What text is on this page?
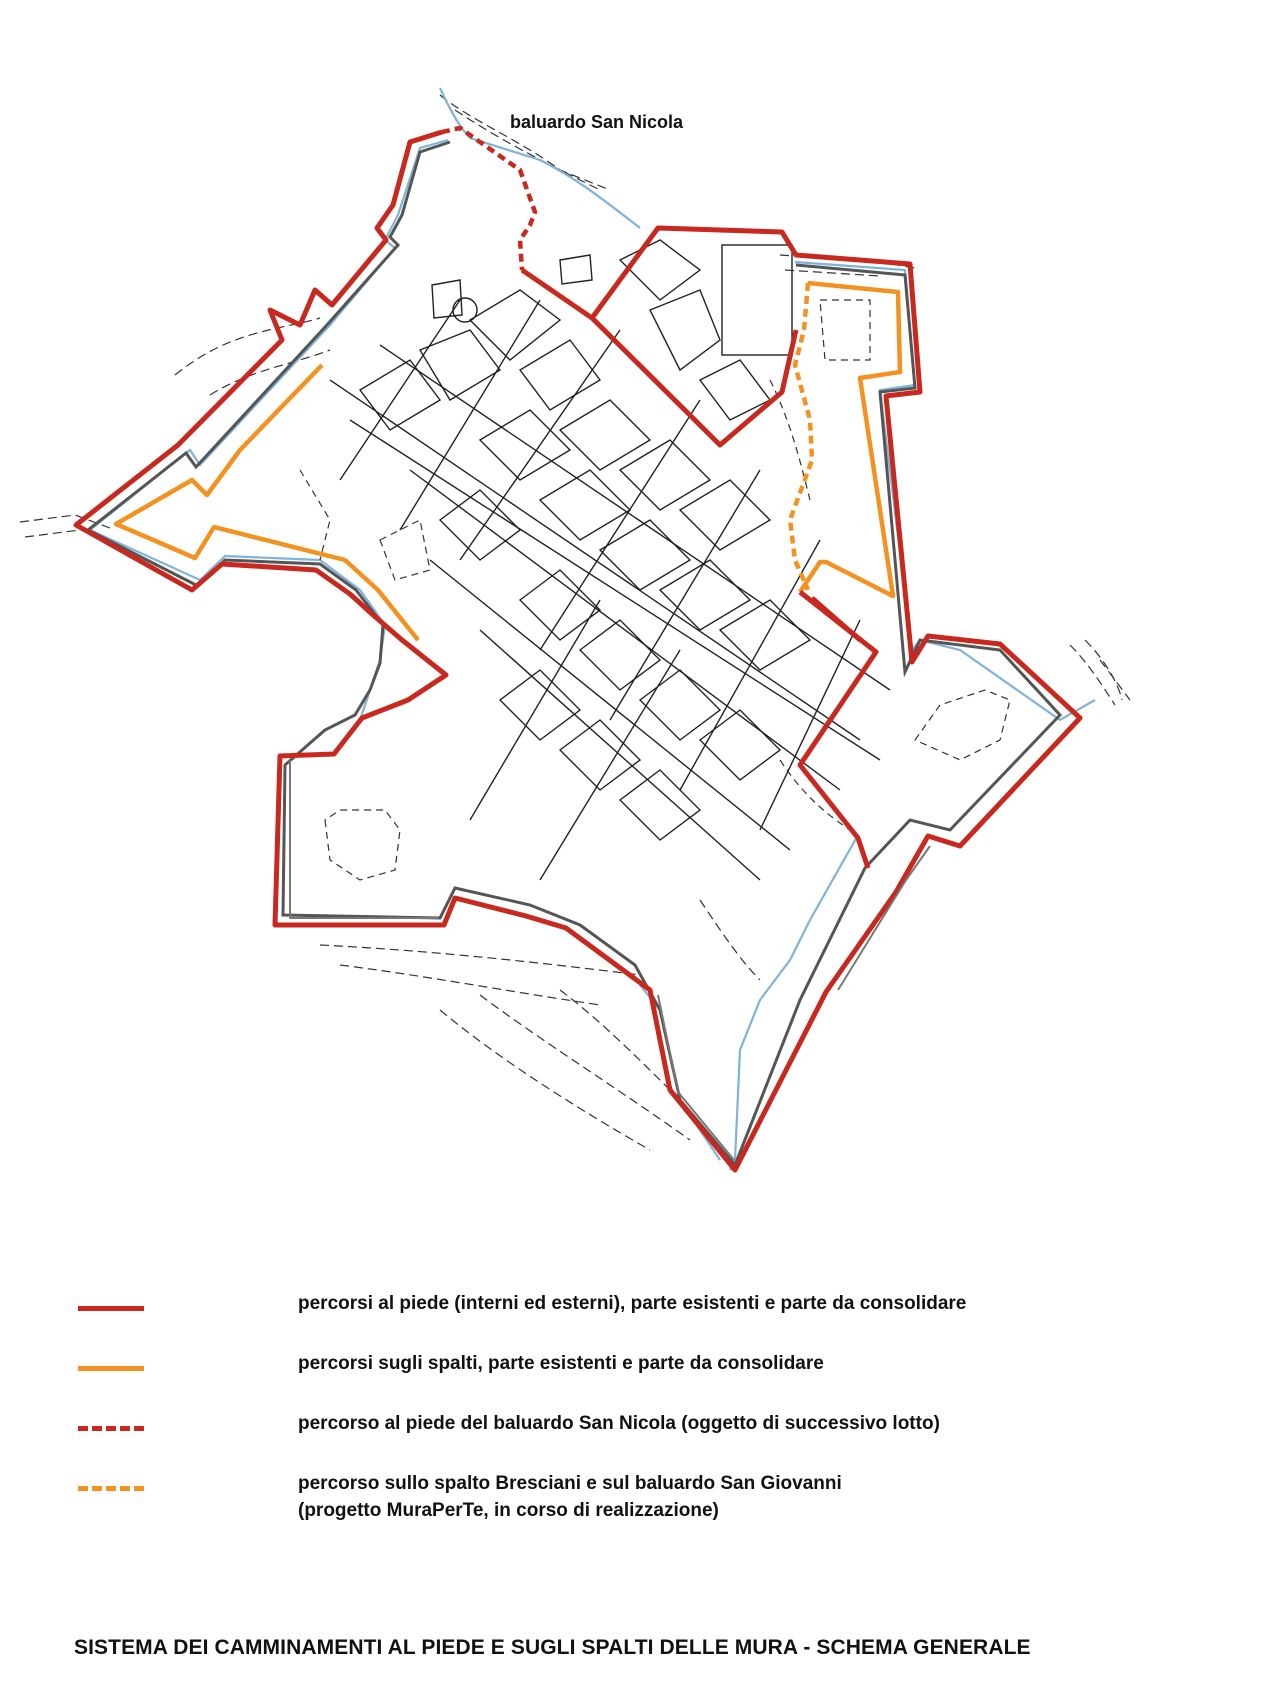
baluardo San Nicola
percorsi al piede (interni ed esterni), parte esistenti e parte da consolidare
percorsi sugli spalti, parte esistenti e parte da consolidare
percorso al piede del baluardo San Nicola (oggetto di successivo lotto)
percorso sullo spalto Bresciani e sul baluardo San Giovanni
(progetto MuraPerTe, in corso di realizzazione)
SISTEMA DEI CAMMINAMENTI AL PIEDE E SUGLI SPALTI DELLE MURA - SCHEMA GENERALE
